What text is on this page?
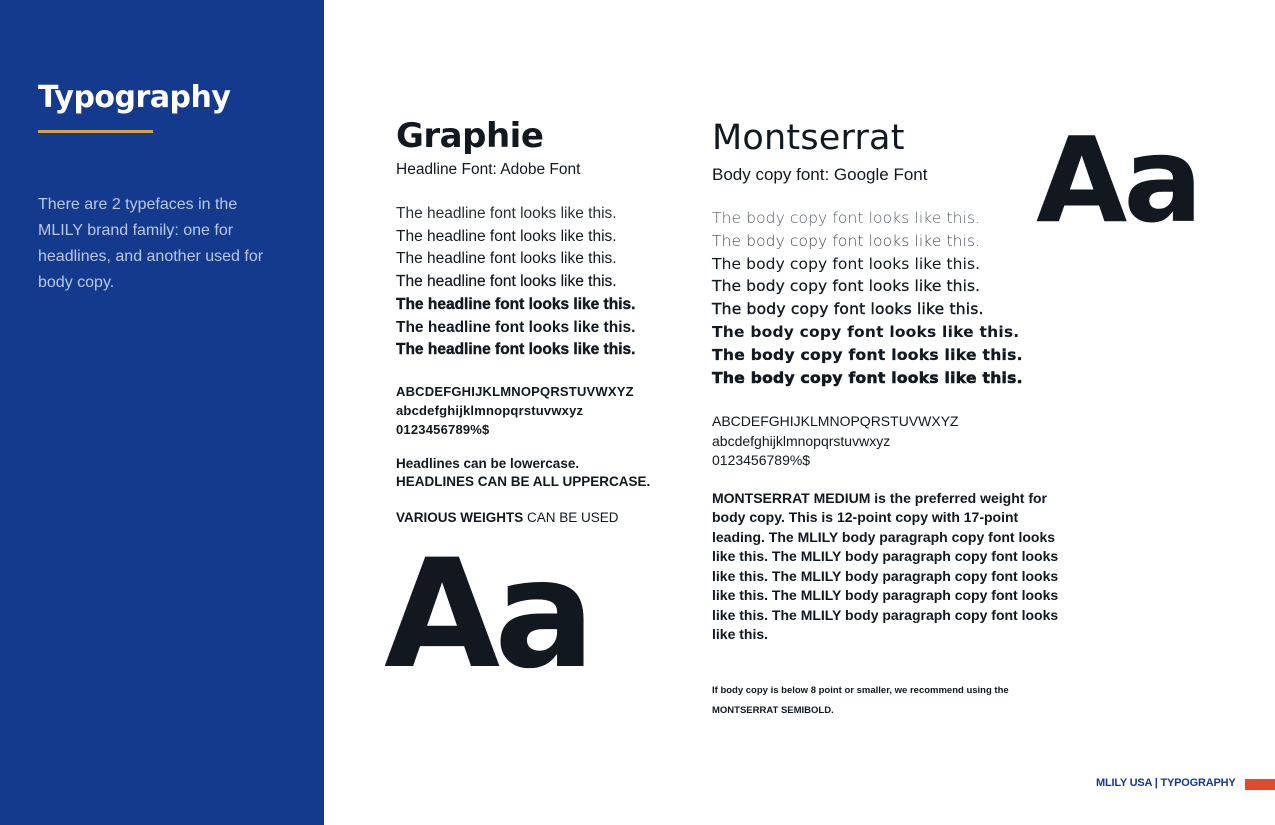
Typography
There are 2 typefaces in the MLILY brand family: one for headlines, and another used for body copy.
Graphie
Headline Font: Adobe Font
The headline font looks like this.
The headline font looks like this.
The headline font looks like this.
The headline font looks like this.
The headline font looks like this.
The headline font looks like this.
The headline font looks like this.
ABCDEFGHIJKLMNOPQRSTUVWXYZ
abcdefghijklmnopqrstuvwxyz
0123456789%$
Headlines can be lowercase.
HEADLINES CAN BE ALL UPPERCASE.
VARIOUS WEIGHTS CAN BE USED
Aa
Montserrat
Body copy font: Google Font
The body copy font looks like this.
The body copy font looks like this.
The body copy font looks like this.
The body copy font looks like this.
The body copy font looks like this.
The body copy font looks like this.
The body copy font looks like this.
The body copy font looks like this.
ABCDEFGHIJKLMNOPQRSTUVWXYZ
abcdefghijklmnopqrstuvwxyz
0123456789%$
MONTSERRAT MEDIUM is the preferred weight for body copy. This is 12-point copy with 17-point leading. The MLILY body paragraph copy font looks like this. The MLILY body paragraph copy font looks like this. The MLILY body paragraph copy font looks like this. The MLILY body paragraph copy font looks like this. The MLILY body paragraph copy font looks like this.
If body copy is below 8 point or smaller, we recommend using the MONTSERRAT SEMIBOLD.
Aa
MLILY USA | TYPOGRAPHY
